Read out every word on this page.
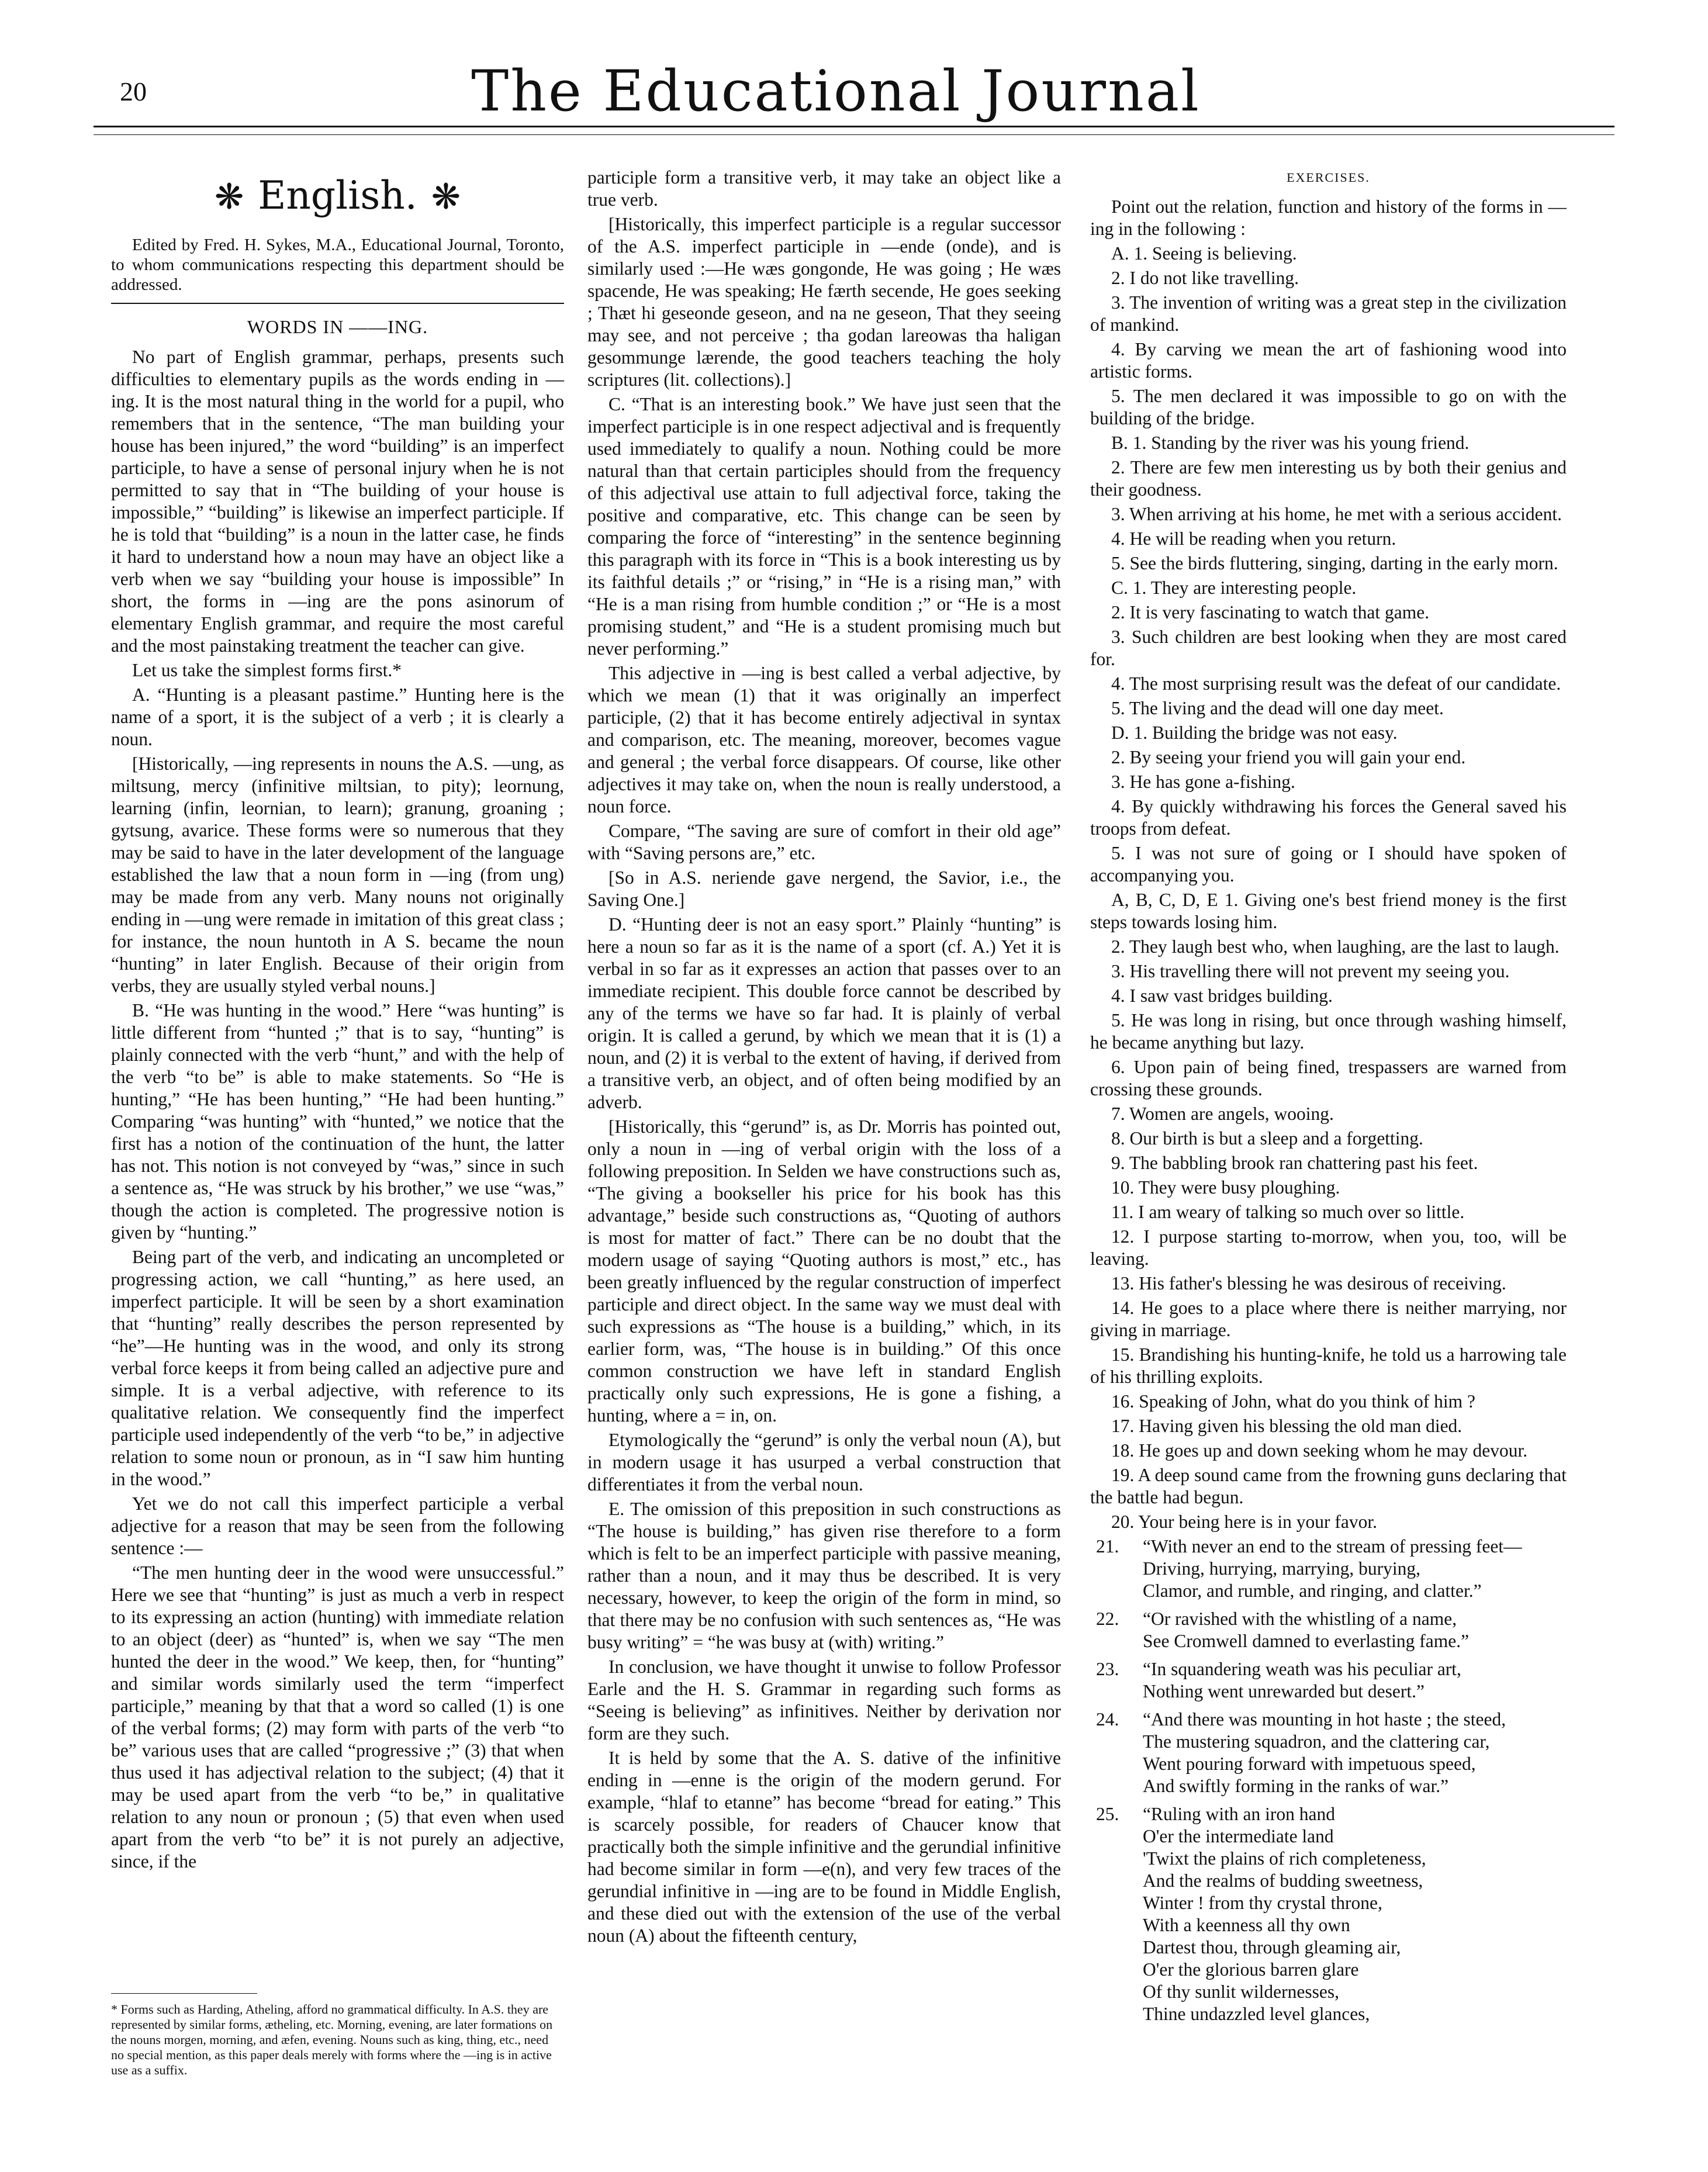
20	The Educational Journal
❋ English. ❋

Edited by Fred. H. Sykes, M.A., Educational Journal, Toronto, to whom communications respecting this department should be addressed.

WORDS IN ——ING.

No part of English grammar, perhaps, presents such difficulties to elementary pupils as the words ending in —ing. It is the most natural thing in the world for a pupil, who remembers that in the sentence, “The man building your house has been injured,” the word “building” is an imperfect participle, to have a sense of personal injury when he is not permitted to say that in “The building of your house is impossible,” “building” is likewise an imperfect participle. If he is told that “building” is a noun in the latter case, he finds it hard to understand how a noun may have an object like a verb when we say “building your house is impossible” In short, the forms in —ing are the pons asinorum of elementary English grammar, and require the most careful and the most painstaking treatment the teacher can give.

Let us take the simplest forms first.*

A. “Hunting is a pleasant pastime.” Hunting here is the name of a sport, it is the subject of a verb ; it is clearly a noun.

[Historically, —ing represents in nouns the A.S. —ung, as miltsung, mercy (infinitive miltsian, to pity); leornung, learning (infin, leornian, to learn); granung, groaning ; gytsung, avarice. These forms were so numerous that they may be said to have in the later development of the language established the law that a noun form in —ing (from ung) may be made from any verb. Many nouns not originally ending in —ung were remade in imitation of this great class ; for instance, the noun huntoth in A S. became the noun “hunting” in later English. Because of their origin from verbs, they are usually styled verbal nouns.]

B. “He was hunting in the wood.” Here “was hunting” is little different from “hunted ;” that is to say, “hunting” is plainly connected with the verb “hunt,” and with the help of the verb “to be” is able to make statements. So “He is hunting,” “He has been hunting,” “He had been hunting.” Comparing “was hunting” with “hunted,” we notice that the first has a notion of the continuation of the hunt, the latter has not. This notion is not conveyed by “was,” since in such a sentence as, “He was struck by his brother,” we use “was,” though the action is completed. The progressive notion is given by “hunting.”

Being part of the verb, and indicating an uncompleted or progressing action, we call “hunting,” as here used, an imperfect participle. It will be seen by a short examination that “hunting” really describes the person represented by “he”—He hunting was in the wood, and only its strong verbal force keeps it from being called an adjective pure and simple. It is a verbal adjective, with reference to its qualitative relation. We consequently find the imperfect participle used independently of the verb “to be,” in adjective relation to some noun or pronoun, as in “I saw him hunting in the wood.”

Yet we do not call this imperfect participle a verbal adjective for a reason that may be seen from the following sentence :—

“The men hunting deer in the wood were unsuccessful.” Here we see that “hunting” is just as much a verb in respect to its expressing an action (hunting) with immediate relation to an object (deer) as “hunted” is, when we say “The men hunted the deer in the wood.” We keep, then, for “hunting” and similar words similarly used the term “imperfect participle,” meaning by that that a word so called (1) is one of the verbal forms; (2) may form with parts of the verb “to be” various uses that are called “progressive ;” (3) that when thus used it has adjectival relation to the subject; (4) that it may be used apart from the verb “to be,” in qualitative relation to any noun or pronoun ; (5) that even when used apart from the verb “to be” it is not purely an adjective, since, if the

* Forms such as Harding, Atheling, afford no grammatical difficulty. In A.S. they are represented by similar forms, ætheling, etc. Morning, evening, are later formations on the nouns morgen, morning, and æfen, evening. Nouns such as king, thing, etc., need no special mention, as this paper deals merely with forms where the —ing is in active use as a suffix.

participle form a transitive verb, it may take an object like a true verb.

[Historically, this imperfect participle is a regular successor of the A.S. imperfect participle in —ende (onde), and is similarly used :—He wæs gongonde, He was going ; He wæs spacende, He was speaking; He færth secende, He goes seeking ; Thæt hi geseonde geseon, and na ne geseon, That they seeing may see, and not perceive ; tha godan lareowas tha haligan gesommunge lærende, the good teachers teaching the holy scriptures (lit. collections).]

C. “That is an interesting book.” We have just seen that the imperfect participle is in one respect adjectival and is frequently used immediately to qualify a noun. Nothing could be more natural than that certain participles should from the frequency of this adjectival use attain to full adjectival force, taking the positive and comparative, etc. This change can be seen by comparing the force of “interesting” in the sentence beginning this paragraph with its force in “This is a book interesting us by its faithful details ;” or “rising,” in “He is a rising man,” with “He is a man rising from humble condition ;” or “He is a most promising student,” and “He is a student promising much but never performing.”

This adjective in —ing is best called a verbal adjective, by which we mean (1) that it was originally an imperfect participle, (2) that it has become entirely adjectival in syntax and comparison, etc. The meaning, moreover, becomes vague and general ; the verbal force disappears. Of course, like other adjectives it may take on, when the noun is really understood, a noun force.

Compare, “The saving are sure of comfort in their old age” with “Saving persons are,” etc.

[So in A.S. neriende gave nergend, the Savior, i.e., the Saving One.]

D. “Hunting deer is not an easy sport.” Plainly “hunting” is here a noun so far as it is the name of a sport (cf. A.) Yet it is verbal in so far as it expresses an action that passes over to an immediate recipient. This double force cannot be described by any of the terms we have so far had. It is plainly of verbal origin. It is called a gerund, by which we mean that it is (1) a noun, and (2) it is verbal to the extent of having, if derived from a transitive verb, an object, and of often being modified by an adverb.

[Historically, this “gerund” is, as Dr. Morris has pointed out, only a noun in —ing of verbal origin with the loss of a following preposition. In Selden we have constructions such as, “The giving a bookseller his price for his book has this advantage,” beside such constructions as, “Quoting of authors is most for matter of fact.” There can be no doubt that the modern usage of saying “Quoting authors is most,” etc., has been greatly influenced by the regular construction of imperfect participle and direct object. In the same way we must deal with such expressions as “The house is a building,” which, in its earlier form, was, “The house is in building.” Of this once common construction we have left in standard English practically only such expressions, He is gone a fishing, a hunting, where a = in, on.

Etymologically the “gerund” is only the verbal noun (A), but in modern usage it has usurped a verbal construction that differentiates it from the verbal noun.

E. The omission of this preposition in such constructions as “The house is building,” has given rise therefore to a form which is felt to be an imperfect participle with passive meaning, rather than a noun, and it may thus be described. It is very necessary, however, to keep the origin of the form in mind, so that there may be no confusion with such sentences as, “He was busy writing” = “he was busy at (with) writing.”

In conclusion, we have thought it unwise to follow Professor Earle and the H. S. Grammar in regarding such forms as “Seeing is believing” as infinitives. Neither by derivation nor form are they such.

It is held by some that the A. S. dative of the infinitive ending in —enne is the origin of the modern gerund. For example, “hlaf to etanne” has become “bread for eating.” This is scarcely possible, for readers of Chaucer know that practically both the simple infinitive and the gerundial infinitive had become similar in form —e(n), and very few traces of the gerundial infinitive in —ing are to be found in Middle English, and these died out with the extension of the use of the verbal noun (A) about the fifteenth century,

EXERCISES.

Point out the relation, function and history of the forms in —ing in the following :

A. 1. Seeing is believing.

2. I do not like travelling.

3. The invention of writing was a great step in the civilization of mankind.

4. By carving we mean the art of fashioning wood into artistic forms.

5. The men declared it was impossible to go on with the building of the bridge.

B. 1. Standing by the river was his young friend.

2. There are few men interesting us by both their genius and their goodness.

3. When arriving at his home, he met with a serious accident.

4. He will be reading when you return.

5. See the birds fluttering, singing, darting in the early morn.

C. 1. They are interesting people.

2. It is very fascinating to watch that game.

3. Such children are best looking when they are most cared for.

4. The most surprising result was the defeat of our candidate.

5. The living and the dead will one day meet.

D. 1. Building the bridge was not easy.

2. By seeing your friend you will gain your end.

3. He has gone a-fishing.

4. By quickly withdrawing his forces the General saved his troops from defeat.

5. I was not sure of going or I should have spoken of accompanying you.

A, B, C, D, E 1. Giving one's best friend money is the first steps towards losing him.

2. They laugh best who, when laughing, are the last to laugh.

3. His travelling there will not prevent my seeing you.

4. I saw vast bridges building.

5. He was long in rising, but once through washing himself, he became anything but lazy.

6. Upon pain of being fined, trespassers are warned from crossing these grounds.

7. Women are angels, wooing.

8. Our birth is but a sleep and a forgetting.

9. The babbling brook ran chattering past his feet.

10. They were busy ploughing.

11. I am weary of talking so much over so little.

12. I purpose starting to-morrow, when you, too, will be leaving.

13. His father's blessing he was desirous of receiving.

14. He goes to a place where there is neither marrying, nor giving in marriage.

15. Brandishing his hunting-knife, he told us a harrowing tale of his thrilling exploits.

16. Speaking of John, what do you think of him ?

17. Having given his blessing the old man died.

18. He goes up and down seeking whom he may devour.

19. A deep sound came from the frowning guns declaring that the battle had begun.

20. Your being here is in your favor.

21. “With never an end to the stream of pressing feet—
Driving, hurrying, marrying, burying,
Clamor, and rumble, and ringing, and clatter.”
22. “Or ravished with the whistling of a name,
See Cromwell damned to everlasting fame.”
23. “In squandering weath was his peculiar art,
Nothing went unrewarded but desert.”
24. “And there was mounting in hot haste ; the steed,
The mustering squadron, and the clattering car,
Went pouring forward with impetuous speed,
And swiftly forming in the ranks of war.”
25. “Ruling with an iron hand
O'er the intermediate land
'Twixt the plains of rich completeness,
And the realms of budding sweetness,
Winter ! from thy crystal throne,
With a keenness all thy own
Dartest thou, through gleaming air,
O'er the glorious barren glare
Of thy sunlit wildernesses,
Thine undazzled level glances,
